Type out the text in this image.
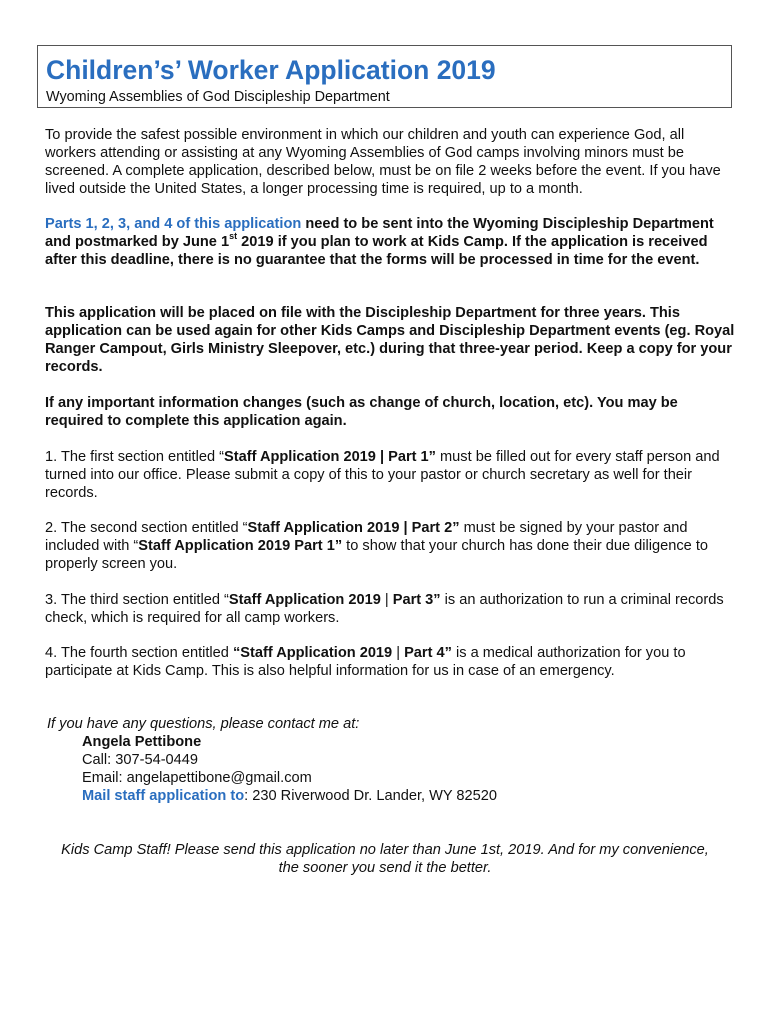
Children’s’ Worker Application 2019
Wyoming Assemblies of God Discipleship Department

To provide the safest possible environment in which our children and youth can experience God, all workers attending or assisting at any Wyoming Assemblies of God camps involving minors must be screened. A complete application, described below, must be on file 2 weeks before the event. If you have lived outside the United States, a longer processing time is required, up to a month.

Parts 1, 2, 3, and 4 of this application need to be sent into the Wyoming Discipleship Department and postmarked by June 1st 2019 if you plan to work at Kids Camp. If the application is received after this deadline, there is no guarantee that the forms will be processed in time for the event.

This application will be placed on file with the Discipleship Department for three years. This application can be used again for other Kids Camps and Discipleship Department events (eg. Royal Ranger Campout, Girls Ministry Sleepover, etc.) during that three-year period. Keep a copy for your records.

If any important information changes (such as change of church, location, etc). You may be required to complete this application again.

1. The first section entitled “Staff Application 2019 | Part 1” must be filled out for every staff person and turned into our office. Please submit a copy of this to your pastor or church secretary as well for their records.

2. The second section entitled “Staff Application 2019 | Part 2” must be signed by your pastor and included with “Staff Application 2019 Part 1” to show that your church has done their due diligence to properly screen you.

3. The third section entitled “Staff Application 2019 | Part 3” is an authorization to run a criminal records check, which is required for all camp workers.

4. The fourth section entitled “Staff Application 2019 | Part 4” is a medical authorization for you to participate at Kids Camp. This is also helpful information for us in case of an emergency.

If you have any questions, please contact me at:

Angela Pettibone

Call: 307-54-0449

Email: angelapettibone@gmail.com

Mail staff application to: 230 Riverwood Dr. Lander, WY 82520

Kids Camp Staff! Please send this application no later than June 1st, 2019. And for my convenience,

the sooner you send it the better.
